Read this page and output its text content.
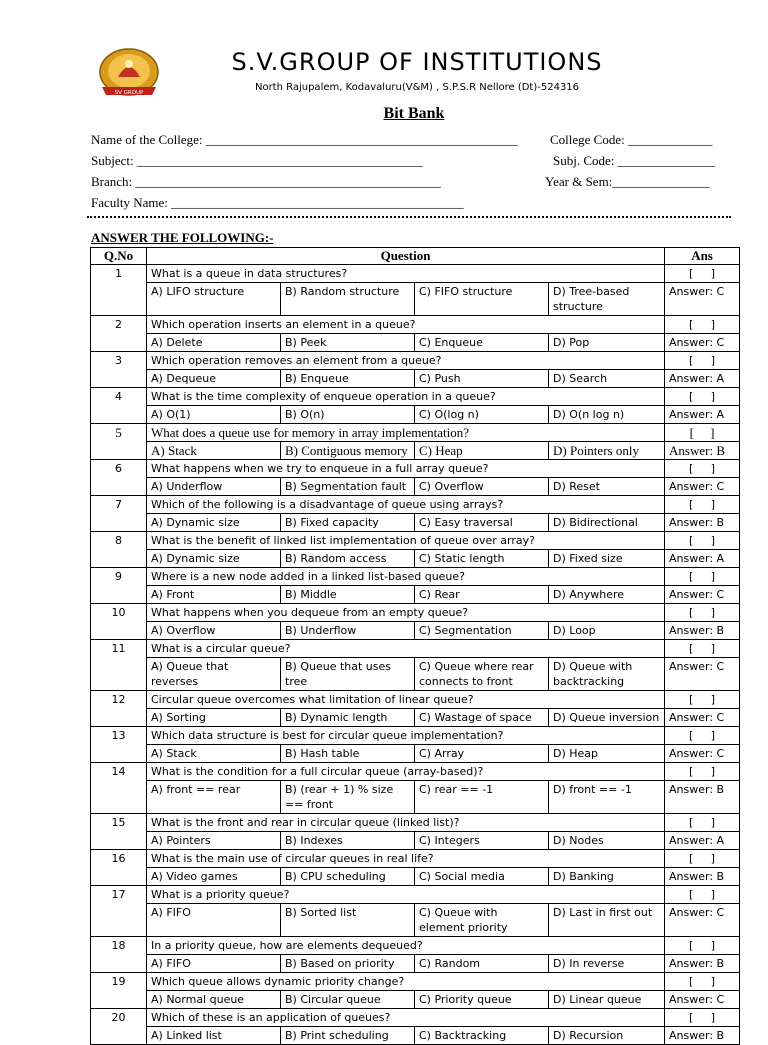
SV GROUP
S.V.GROUP OF INSTITUTIONS
North Rajupalem, Kodavaluru(V&M) , S.P.S.R Nellore (Dt)-524316
Bit Bank
Name of the College: ________________________________________________ College Code: _____________
Subject: ____________________________________________	Subj. Code: _______________
Branch: _______________________________________________	Year & Sem:_______________
Faculty Name: _____________________________________________
ANSWER THE FOLLOWING:-
Q.No	Question				Ans
1	What is a queue in data structures?				[     ]
	A) LIFO structure	B) Random structure	C) FIFO structure	D) Tree-based structure	Answer: C
2	Which operation inserts an element in a queue?				[     ]
	A) Delete	B) Peek	C) Enqueue	D) Pop	Answer: C
3	Which operation removes an element from a queue?				[     ]
	A) Dequeue	B) Enqueue	C) Push	D) Search	Answer: A
4	What is the time complexity of enqueue operation in a queue?				[     ]
	A) O(1)	B) O(n)	C) O(log n)	D) O(n log n)	Answer: A
5	What does a queue use for memory in array implementation?				[     ]
	A) Stack	B) Contiguous memory	C) Heap	D) Pointers only	Answer: B
6	What happens when we try to enqueue in a full array queue?				[     ]
	A) Underflow	B) Segmentation fault	C) Overflow	D) Reset	Answer: C
7	Which of the following is a disadvantage of queue using arrays?				[     ]
	A) Dynamic size	B) Fixed capacity	C) Easy traversal	D) Bidirectional	Answer: B
8	What is the benefit of linked list implementation of queue over array?				[     ]
	A) Dynamic size	B) Random access	C) Static length	D) Fixed size	Answer: A
9	Where is a new node added in a linked list-based queue?				[     ]
	A) Front	B) Middle	C) Rear	D) Anywhere	Answer: C
10	What happens when you dequeue from an empty queue?				[     ]
	A) Overflow	B) Underflow	C) Segmentation	D) Loop	Answer: B
11	What is a circular queue?				[     ]
	A) Queue that reverses	B) Queue that uses tree	C) Queue where rear connects to front	D) Queue with backtracking	Answer: C
12	Circular queue overcomes what limitation of linear queue?				[     ]
	A) Sorting	B) Dynamic length	C) Wastage of space	D) Queue inversion	Answer: C
13	Which data structure is best for circular queue implementation?				[     ]
	A) Stack	B) Hash table	C) Array	D) Heap	Answer: C
14	What is the condition for a full circular queue (array-based)?				[     ]
	A) front == rear	B) (rear + 1) % size == front	C) rear == -1	D) front == -1	Answer: B
15	What is the front and rear in circular queue (linked list)?				[     ]
	A) Pointers	B) Indexes	C) Integers	D) Nodes	Answer: A
16	What is the main use of circular queues in real life?				[     ]
	A) Video games	B) CPU scheduling	C) Social media	D) Banking	Answer: B
17	What is a priority queue?				[     ]
	A) FIFO	B) Sorted list	C) Queue with element priority	D) Last in first out	Answer: C
18	In a priority queue, how are elements dequeued?				[     ]
	A) FIFO	B) Based on priority	C) Random	D) In reverse	Answer: B
19	Which queue allows dynamic priority change?				[     ]
	A) Normal queue	B) Circular queue	C) Priority queue	D) Linear queue	Answer: C
20	Which of these is an application of queues?				[     ]
	A) Linked list	B) Print scheduling	C) Backtracking	D) Recursion	Answer: B
